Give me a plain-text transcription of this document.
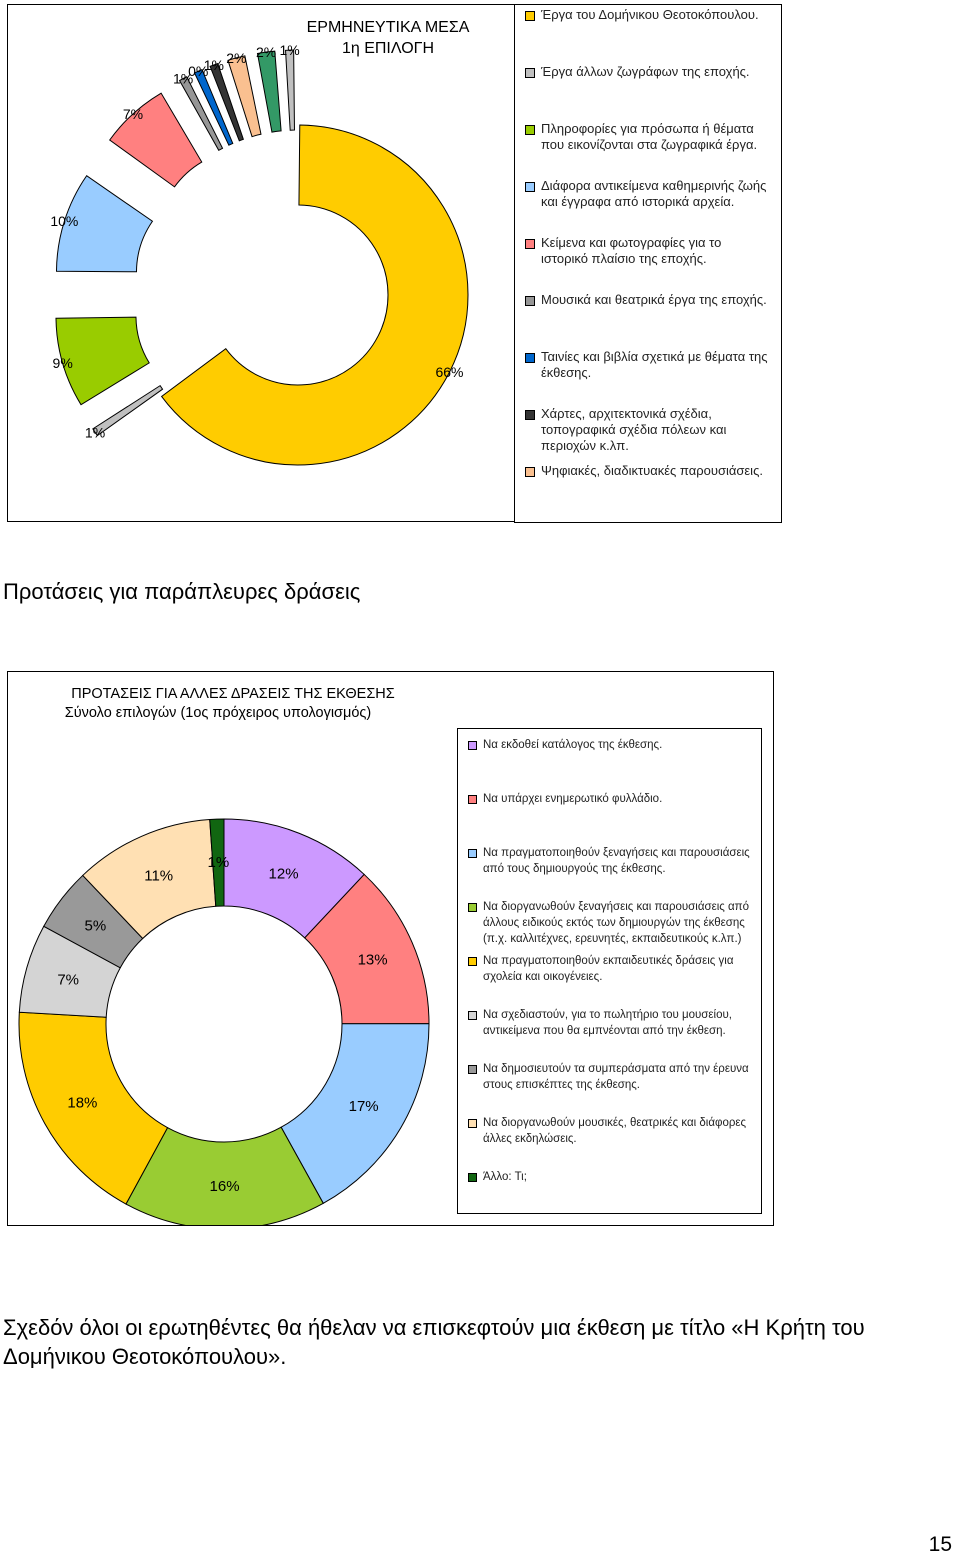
ΕΡΜΗΝΕΥΤΙΚΑ ΜΕΣΑ
1η ΕΠΙΛΟΓΗ
66%
1%
9%
10%
7%
1%
0%
1% 2% 2% 1%
Έργα του Δομήνικου Θεοτοκόπουλου.
Έργα άλλων ζωγράφων της εποχής.
Πληροφορίες για πρόσωπα ή θέματα που εικονίζονται στα ζωγραφικά έργα.
Διάφορα αντικείμενα καθημερινής ζωής και έγγραφα από ιστορικά αρχεία.
Κείμενα και φωτογραφίες για το ιστορικό πλαίσιο της εποχής.
Μουσικά και θεατρικά έργα της εποχής.
Ταινίες και βιβλία σχετικά με θέματα της έκθεσης.
Χάρτες, αρχιτεκτονικά σχέδια, τοπογραφικά σχέδια πόλεων και περιοχών κ.λπ.
Ψηφιακές, διαδικτυακές παρουσιάσεις.
Προτάσεις για παράπλευρες δράσεις
ΠΡΟΤΑΣΕΙΣ ΓΙΑ ΑΛΛΕΣ ΔΡΑΣΕΙΣ ΤΗΣ ΕΚΘΕΣΗΣ
Σύνολο επιλογών (1ος πρόχειρος υπολογισμός)
12%
13%
17%
16%
18%
7%
5%
11%
1%
Να εκδοθεί κατάλογος της έκθεσης.
Να υπάρχει ενημερωτικό φυλλάδιο.
Να πραγματοποιηθούν ξεναγήσεις και παρουσιάσεις από τους δημιουργούς της έκθεσης.
Να διοργανωθούν ξεναγήσεις και παρουσιάσεις από άλλους ειδικούς εκτός των δημιουργών της έκθεσης (π.χ. καλλιτέχνες, ερευνητές, εκπαιδευτικούς κ.λπ.)
Να πραγματοποιηθούν εκπαιδευτικές δράσεις για σχολεία και οικογένειες.
Να σχεδιαστούν, για το πωλητήριο του μουσείου, αντικείμενα που θα εμπνέονται από την έκθεση.
Να δημοσιευτούν τα συμπεράσματα από την έρευνα στους επισκέπτες της έκθεσης.
Να διοργανωθούν μουσικές, θεατρικές και διάφορες άλλες εκδηλώσεις.
Άλλο: Τι;
Σχεδόν όλοι οι ερωτηθέντες θα ήθελαν να επισκεφτούν μια έκθεση με τίτλο «Η Κρήτη του Δομήνικου Θεοτοκόπουλου».
15
